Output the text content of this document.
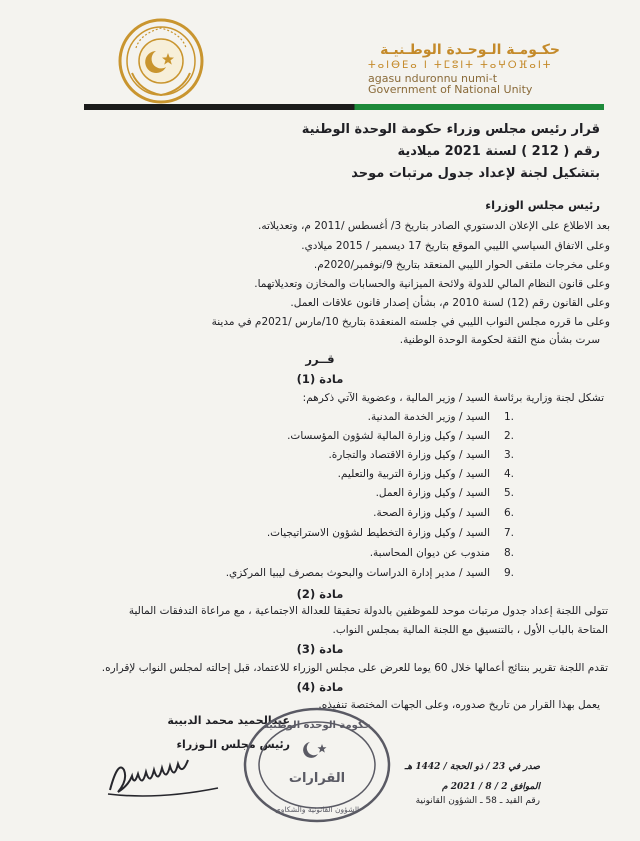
حكـومـة الـوحـدة الوطـنيـة
ⵜⴰⵏⴱⴹⴰ ⵏ ⵜⵎⵓⵏⵜ ⵜⴰⵖⵔⴼⴰⵏⵜ
agasu nduronnu numi-t
Government of National Unity
قرار رئيس مجلس وزراء حكومة الوحدة الوطنية
رقم ( 212 ) لسنة 2021 ميلادية
بتشكيل لجنة لإعداد جدول مرتبات موحد
رئيس مجلس الوزراء
بعد الاطلاع على الإعلان الدستوري الصادر بتاريخ 3/ أغسطس /2011 م، وتعديلاته.
وعلى الاتفاق السياسي الليبي الموقع بتاريخ 17 ديسمبر / 2015 ميلادي.
وعلى مخرجات ملتقى الحوار الليبي المنعقد بتاريخ 9/نوفمبر/2020م.
وعلى قانون النظام المالي للدولة ولائحة الميزانية والحسابات والمخازن وتعديلاتهما.
وعلى القانون رقم (12) لسنة 2010 م، بشأن إصدار قانون علاقات العمل.
وعلى ما قرره مجلس النواب الليبي في جلسته المنعقدة بتاريخ 10/مارس /2021م في مدينة
سرت بشأن منح الثقة لحكومة الوحدة الوطنية.
قــرر
مادة (1)
تشكل لجنة وزارية برئاسة السيد / وزير المالية ، وعضوية الآتي ذكرهم:
السيد / وزير الخدمة المدنية. 1.
السيد / وكيل وزارة المالية لشؤون المؤسسات. 2.
السيد / وكيل وزارة الاقتصاد والتجارة. 3.
السيد / وكيل وزارة التربية والتعليم. 4.
السيد / وكيل وزارة العمل. 5.
السيد / وكيل وزارة الصحة. 6.
السيد / وكيل وزارة التخطيط لشؤون الاستراتيجيات. 7.
مندوب عن ديوان المحاسبة. 8.
السيد / مدير إدارة الدراسات والبحوث بمصرف ليبيا المركزي. 9.
مادة (2)
تتولى اللجنة إعداد جدول مرتبات موحد للموظفين بالدولة تحقيقا للعدالة الاجتماعية ، مع مراعاة التدفقات المالية
المتاحة بالباب الأول ، بالتنسيق مع اللجنة المالية بمجلس النواب.
مادة (3)
تقدم اللجنة تقرير بنتائج أعمالها خلال 60 يوما للعرض على مجلس الوزراء للاعتماد، قبل إحالته لمجلس النواب لإقراره.
مادة (4)
يعمل بهذا القرار من تاريخ صدوره، وعلى الجهات المختصة تنفيذه.
عبدالحميد محمد الدبيبة
رئيس مجلس الـوزراء
حكومة الوحدة الوطنية
القرارات
الشؤون القانونية والشكاوى
صدر في 23 / ذو الحجة / 1442 هـ
الموافق 2 / 8 / 2021 م
رقم القيد ـ 58 ـ الشؤون القانونية
